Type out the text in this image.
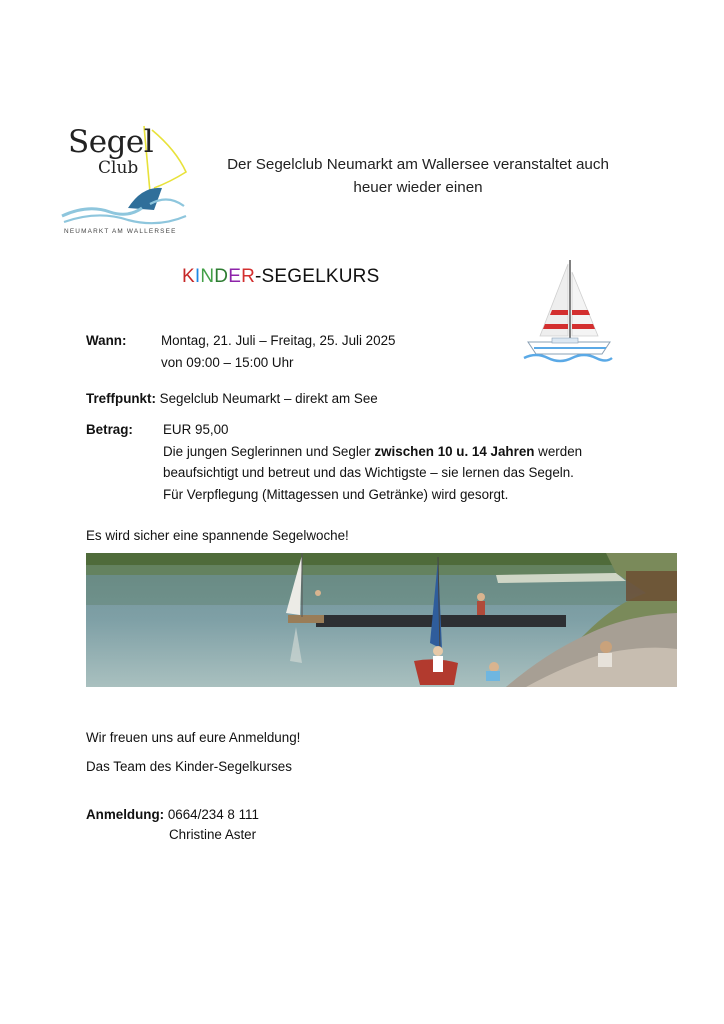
Segel
Club
NEUMARKT AM WALLERSEE
Der Segelclub Neumarkt am Wallersee veranstaltet auch
heuer wieder einen
KINDER-SEGELKURS
Wann:	Montag, 21. Juli – Freitag, 25. Juli 2025
von 09:00 – 15:00 Uhr
Treffpunkt: Segelclub Neumarkt – direkt am See
Betrag: EUR 95,00
Die jungen Seglerinnen und Segler zwischen 10 u. 14 Jahren werden
beaufsichtigt und betreut und das Wichtigste – sie lernen das Segeln.
Für Verpflegung (Mittagessen und Getränke) wird gesorgt.
Es wird sicher eine spannende Segelwoche!
Wir freuen uns auf eure Anmeldung!
Das Team des Kinder-Segelkurses
Anmeldung: 0664/234 8 111
Christine Aster
